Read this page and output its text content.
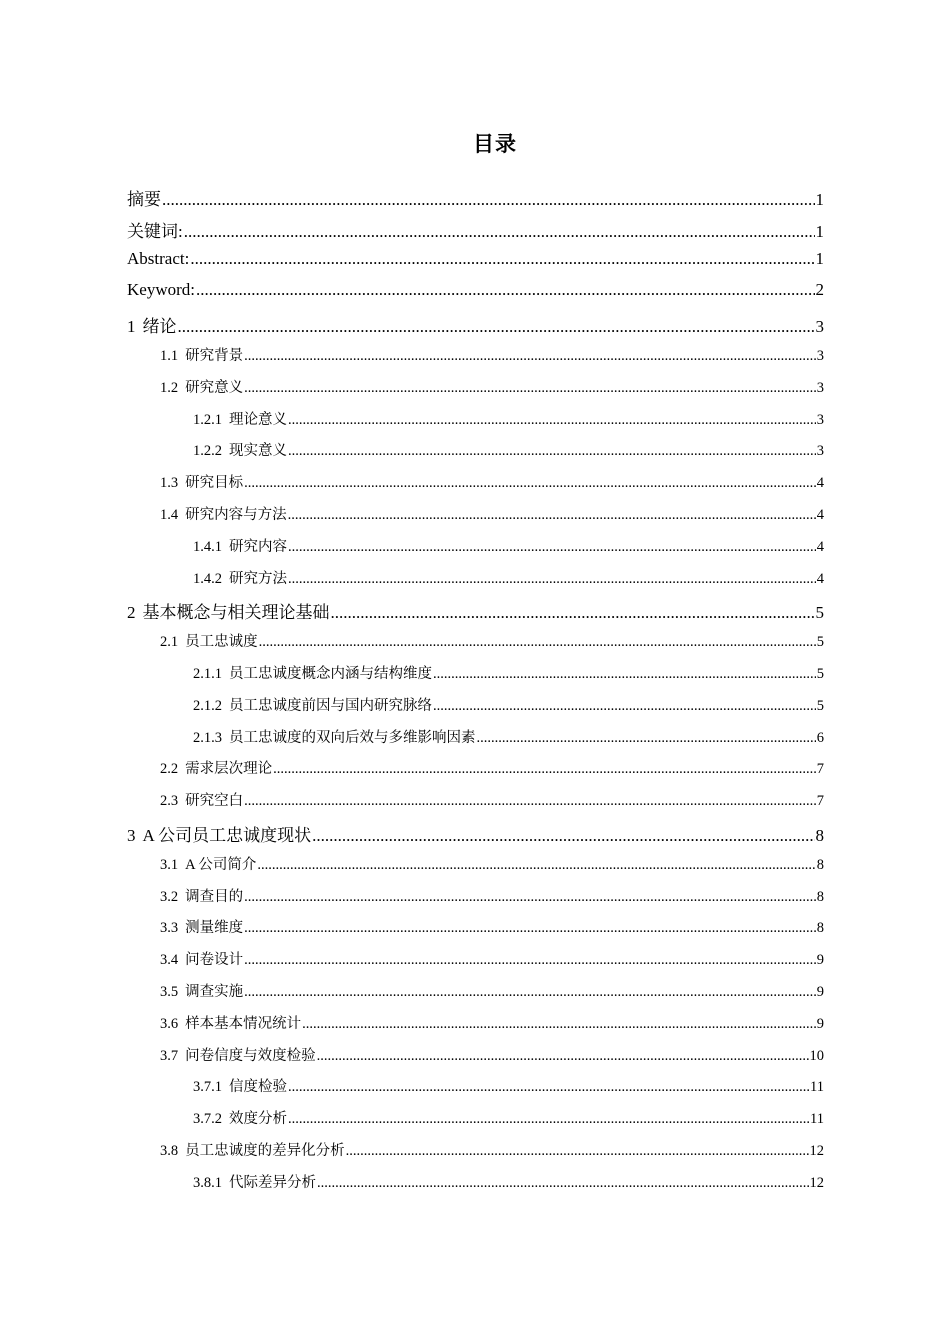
目录
摘要 .....	1
关键词: .....	1
Abstract: .....	1
Keyword: .....	2
1 绪论 .....	3
1.1 研究背景 .....	3
1.2 研究意义 .....	3
1.2.1 理论意义 .....	3
1.2.2 现实意义 .....	3
1.3 研究目标 .....	4
1.4 研究内容与方法 .....	4
1.4.1 研究内容 .....	4
1.4.2 研究方法 .....	4
2 基本概念与相关理论基础 .....	5
2.1 员工忠诚度 .....	5
2.1.1 员工忠诚度概念内涵与结构维度 .....	5
2.1.2 员工忠诚度前因与国内研究脉络 .....	5
2.1.3 员工忠诚度的双向后效与多维影响因素 .....	6
2.2 需求层次理论 .....	7
2.3 研究空白 .....	7
3 A 公司员工忠诚度现状 .....	8
3.1 A 公司简介 .....	8
3.2 调查目的 .....	8
3.3 测量维度 .....	8
3.4 问卷设计 .....	9
3.5 调查实施 .....	9
3.6 样本基本情况统计 .....	9
3.7 问卷信度与效度检验 .....	10
3.7.1 信度检验 .....	11
3.7.2 效度分析 .....	11
3.8 员工忠诚度的差异化分析 .....	12
3.8.1 代际差异分析 .....	12
